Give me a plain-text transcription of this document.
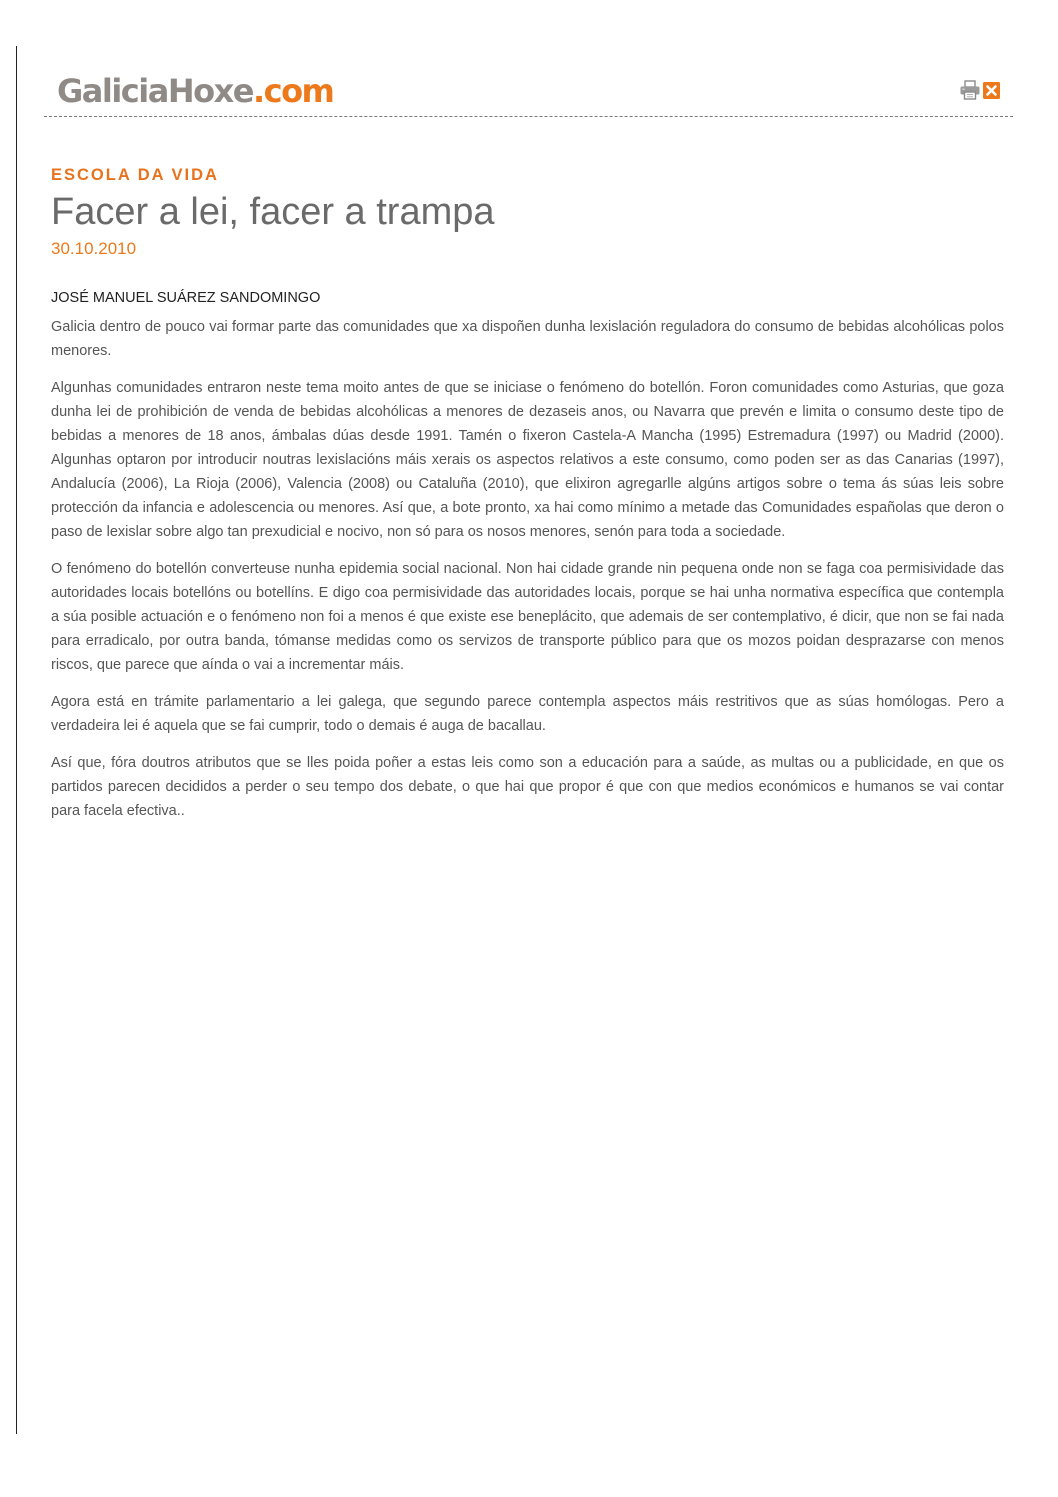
GaliciaHoxe.com

ESCOLA DA VIDA

Facer a lei, facer a trampa

30.10.2010

JOSÉ MANUEL SUÁREZ SANDOMINGO

Galicia dentro de pouco vai formar parte das comunidades que xa dispoñen dunha lexislación reguladora do consumo de bebidas alcohólicas polos menores.

Algunhas comunidades entraron neste tema moito antes de que se iniciase o fenómeno do botellón. Foron comunidades como Asturias, que goza dunha lei de prohibición de venda de bebidas alcohólicas a menores de dezaseis anos, ou Navarra que prevén e limita o consumo deste tipo de bebidas a menores de 18 anos, ámbalas dúas desde 1991. Tamén o fixeron Castela-A Mancha (1995) Estremadura (1997) ou Madrid (2000). Algunhas optaron por introducir noutras lexislacións máis xerais os aspectos relativos a este consumo, como poden ser as das Canarias (1997), Andalucía (2006), La Rioja (2006), Valencia (2008) ou Cataluña (2010), que elixiron agregarlle algúns artigos sobre o tema ás súas leis sobre protección da infancia e adolescencia ou menores. Así que, a bote pronto, xa hai como mínimo a metade das Comunidades españolas que deron o paso de lexislar sobre algo tan prexudicial e nocivo, non só para os nosos menores, senón para toda a sociedade.

O fenómeno do botellón converteuse nunha epidemia social nacional. Non hai cidade grande nin pequena onde non se faga coa permisividade das autoridades locais botellóns ou botellíns. E digo coa permisividade das autoridades locais, porque se hai unha normativa específica que contempla a súa posible actuación e o fenómeno non foi a menos é que existe ese beneplácito, que ademais de ser contemplativo, é dicir, que non se fai nada para erradicalo, por outra banda, tómanse medidas como os servizos de transporte público para que os mozos poidan desprazarse con menos riscos, que parece que aínda o vai a incrementar máis.

Agora está en trámite parlamentario a lei galega, que segundo parece contempla aspectos máis restritivos que as súas homólogas. Pero a verdadeira lei é aquela que se fai cumprir, todo o demais é auga de bacallau.

Así que, fóra doutros atributos que se lles poida poñer a estas leis como son a educación para a saúde, as multas ou a publicidade, en que os partidos parecen decididos a perder o seu tempo dos debate, o que hai que propor é que con que medios económicos e humanos se vai contar para facela efectiva..
